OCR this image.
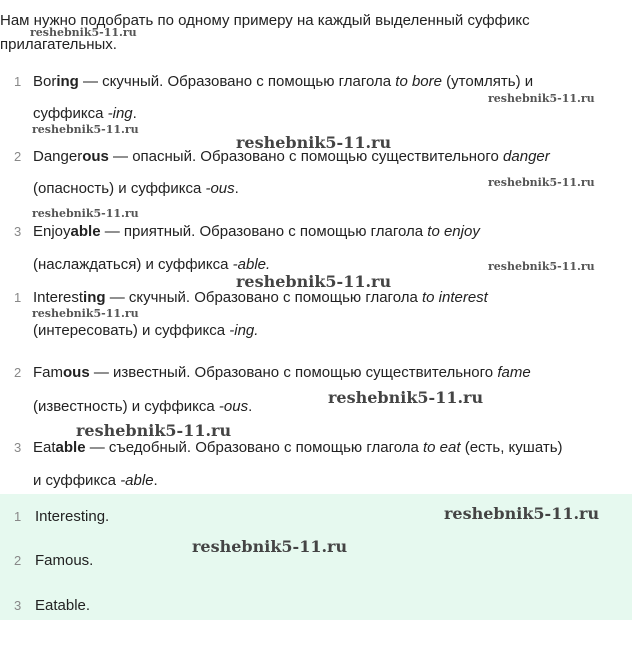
Нам нужно подобрать по одному примеру на каждый выделенный суффикс прилагательных.

1 Boring — скучный. Образовано с помощью глагола to bore (утомлять) и
суффикса -ing.
2 Dangerous — опасный. Образовано с помощью существительного danger
(опасность) и суффикса -ous.
3 Enjoyable — приятный. Образовано с помощью глагола to enjoy
(наслаждаться) и суффикса -able.
1 Interesting — скучный. Образовано с помощью глагола to interest
(интересовать) и суффикса -ing.
2 Famous — известный. Образовано с помощью существительного fame
(известность) и суффикса -ous.
3 Eatable — съедобный. Образовано с помощью глагола to eat (есть, кушать)
и суффикса -able.
1 Interesting.
2 Famous.
3 Eatable.
reshebnik5-11.ru
reshebnik5-11.ru
reshebnik5-11.ru
reshebnik5-11.ru
reshebnik5-11.ru
reshebnik5-11.ru
reshebnik5-11.ru
reshebnik5-11.ru
reshebnik5-11.ru
reshebnik5-11.ru
reshebnik5-11.ru
reshebnik5-11.ru
reshebnik5-11.ru
